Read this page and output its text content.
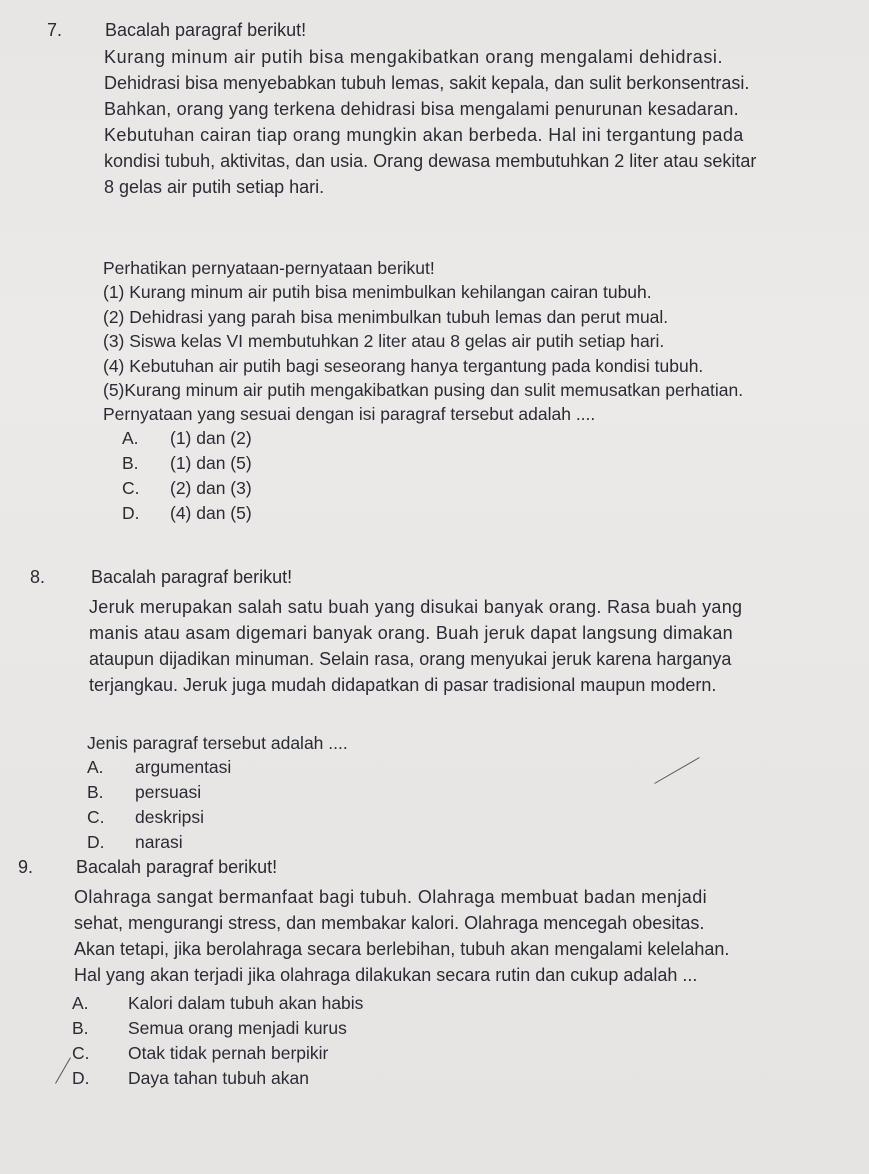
7. Bacalah paragraf berikut!
Kurang minum air putih bisa mengakibatkan orang mengalami dehidrasi.
Dehidrasi bisa menyebabkan tubuh lemas, sakit kepala, dan sulit berkonsentrasi.
Bahkan, orang yang terkena dehidrasi bisa mengalami penurunan kesadaran.
Kebutuhan cairan tiap orang mungkin akan berbeda. Hal ini tergantung pada
kondisi tubuh, aktivitas, dan usia. Orang dewasa membutuhkan 2 liter atau sekitar
8 gelas air putih setiap hari.
Perhatikan pernyataan-pernyataan berikut!
(1) Kurang minum air putih bisa menimbulkan kehilangan cairan tubuh.
(2) Dehidrasi yang parah bisa menimbulkan tubuh lemas dan perut mual.
(3) Siswa kelas VI membutuhkan 2 liter atau 8 gelas air putih setiap hari.
(4) Kebutuhan air putih bagi seseorang hanya tergantung pada kondisi tubuh.
(5)Kurang minum air putih mengakibatkan pusing dan sulit memusatkan perhatian.
Pernyataan yang sesuai dengan isi paragraf tersebut adalah ....
A. (1) dan (2)
B. (1) dan (5)
C. (2) dan (3)
D. (4) dan (5)
8.	Bacalah paragraf berikut!
Jeruk merupakan salah satu buah yang disukai banyak orang. Rasa buah yang
manis atau asam digemari banyak orang. Buah jeruk dapat langsung dimakan
ataupun dijadikan minuman. Selain rasa, orang menyukai jeruk karena harganya
terjangkau. Jeruk juga mudah didapatkan di pasar tradisional maupun modern.
Jenis paragraf tersebut adalah ....
A. argumentasi
B. persuasi
C. deskripsi
D. narasi
9. Bacalah paragraf berikut!
Olahraga sangat bermanfaat bagi tubuh. Olahraga membuat badan menjadi
sehat, mengurangi stress, dan membakar kalori. Olahraga mencegah obesitas.
Akan tetapi, jika berolahraga secara berlebihan, tubuh akan mengalami kelelahan.
Hal yang akan terjadi jika olahraga dilakukan secara rutin dan cukup adalah ...
A. Kalori dalam tubuh akan habis
B. Semua orang menjadi kurus
C. Otak tidak pernah berpikir
D. Daya tahan tubuh akan
